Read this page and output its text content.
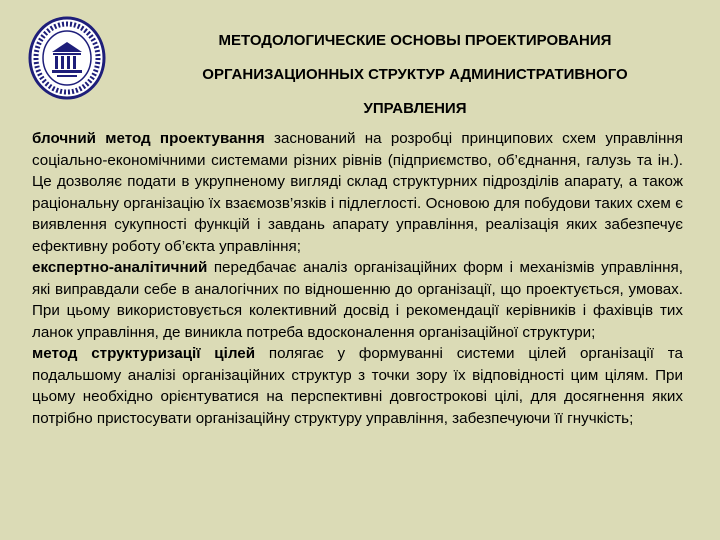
МЕТОДОЛОГИЧЕСКИЕ ОСНОВЫ ПРОЕКТИРОВАНИЯ
ОРГАНИЗАЦИОННЫХ СТРУКТУР АДМИНИСТРАТИВНОГО
УПРАВЛЕНИЯ

блочний метод проектування заснований на розробці принципових схем управління соціально-економічними системами різних рівнів (підприємство, об’єднання, галузь та ін.). Це дозволяє подати в укрупненому вигляді склад структурних підрозділів апарату, а також раціональну організацію їх взаємозв’язків і підлеглості. Основою для побудови таких схем є виявлення сукупності функцій і завдань апарату управління, реалізація яких забезпечує ефективну роботу об’єкта управління;

експертно-аналітичний передбачає аналіз організаційних форм і механізмів управління, які виправдали себе в аналогічних по відношенню до організації, що проектується, умовах. При цьому використовується колективний досвід і рекомендації керівників і фахівців тих ланок управління, де виникла потреба вдосконалення організаційної структури;

метод структуризації цілей полягає у формуванні системи цілей організації та подальшому аналізі організаційних структур з точки зору їх відповідності цим цілям. При цьому необхідно орієнтуватися на перспективні довгострокові цілі, для досягнення яких потрібно пристосувати організаційну структуру управління, забезпечуючи її гнучкість;
